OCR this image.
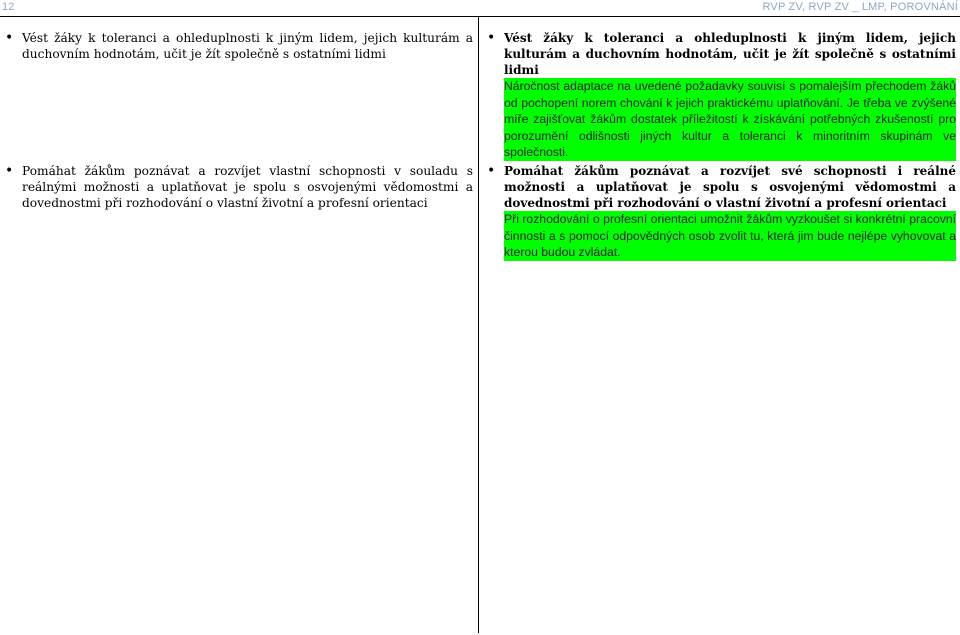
12	RVP ZV, RVP ZV _ LMP, POROVNÁNÍ
• Vést žáky k toleranci a ohleduplnosti k jiným lidem, jejich kulturám a duchovním hodnotám, učit je žít společně s ostatními lidmi
• Pomáhat žákům poznávat a rozvíjet vlastní schopnosti v souladu s reálnými možnosti a uplatňovat je spolu s osvojenými vědomostmi a dovednostmi při rozhodování o vlastní životní a profesní orientaci
• Vést žáky k toleranci a ohleduplnosti k jiným lidem, jejich kulturám a duchovním hodnotám, učit je žít společně s ostatními lidmi
Náročnost adaptace na uvedené požadavky souvisí s pomalejším přechodem žáků od pochopení norem chování k jejich praktickému uplatňování. Je třeba ve zvýšené míře zajišťovat žákům dostatek příležitostí k získávání potřebných zkušeností pro porozumění odlišnosti jiných kultur a toleranci k minoritním skupinám ve společnosti.
• Pomáhat žákům poznávat a rozvíjet své schopnosti i reálné možnosti a uplatňovat je spolu s osvojenými vědomostmi a dovednostmi při rozhodování o vlastní životní a profesní orientaci
Při rozhodování o profesní orientaci umožnit žákům vyzkoušet si konkrétní pracovní činnosti a s pomocí odpovědných osob zvolit tu, která jim bude nejlépe vyhovovat a kterou budou zvládat.
